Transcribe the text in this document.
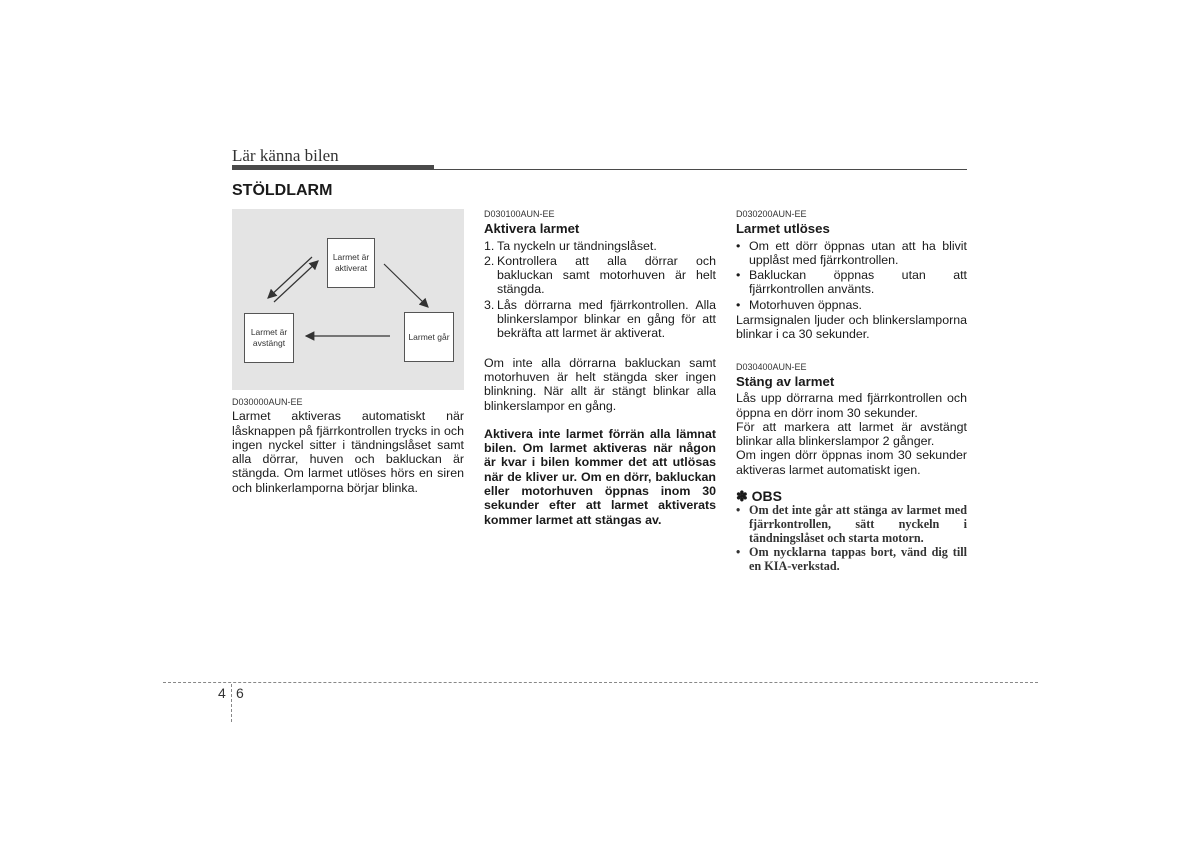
Lär känna bilen
STÖLDLARM
Larmet är aktiverat
Larmet går
Larmet är avstängt
D030000AUN-EE

Larmet aktiveras automatiskt när låsknappen på fjärrkontrollen trycks in och ingen nyckel sitter i tändningslåset samt alla dörrar, huven och bakluckan är stängda. Om larmet utlöses hörs en siren och blinkerlamporna börjar blinka.

D030100AUN-EE
Aktivera larmet
1. Ta nyckeln ur tändningslåset.
2. Kontrollera att alla dörrar och bakluckan samt motorhuven är helt stängda.
3. Lås dörrarna med fjärrkontrollen. Alla blinkerslampor blinkar en gång för att bekräfta att larmet är aktiverat.

Om inte alla dörrarna bakluckan samt motorhuven är helt stängda sker ingen blinkning. När allt är stängt blinkar alla blinkerslampor en gång.

Aktivera inte larmet förrän alla lämnat bilen. Om larmet aktiveras när någon är kvar i bilen kommer det att utlösas när de kliver ur. Om en dörr, bakluckan eller motorhuven öppnas inom 30 sekunder efter att larmet aktiverats kommer larmet att stängas av.

D030200AUN-EE
Larmet utlöses
• Om ett dörr öppnas utan att ha blivit upplåst med fjärrkontrollen.
• Bakluckan öppnas utan att fjärrkontrollen använts.
• Motorhuven öppnas.

Larmsignalen ljuder och blinkerslamporna blinkar i ca 30 sekunder.

D030400AUN-EE
Stäng av larmet

Lås upp dörrarna med fjärrkontrollen och öppna en dörr inom 30 sekunder.

För att markera att larmet är avstängt blinkar alla blinkerslampor 2 gånger.

Om ingen dörr öppnas inom 30 sekunder aktiveras larmet automatiskt igen.

✽ OBS
• Om det inte går att stänga av larmet med fjärrkontrollen, sätt nyckeln i tändningslåset och starta motorn.
• Om nycklarna tappas bort, vänd dig till en KIA-verkstad.
4 6
